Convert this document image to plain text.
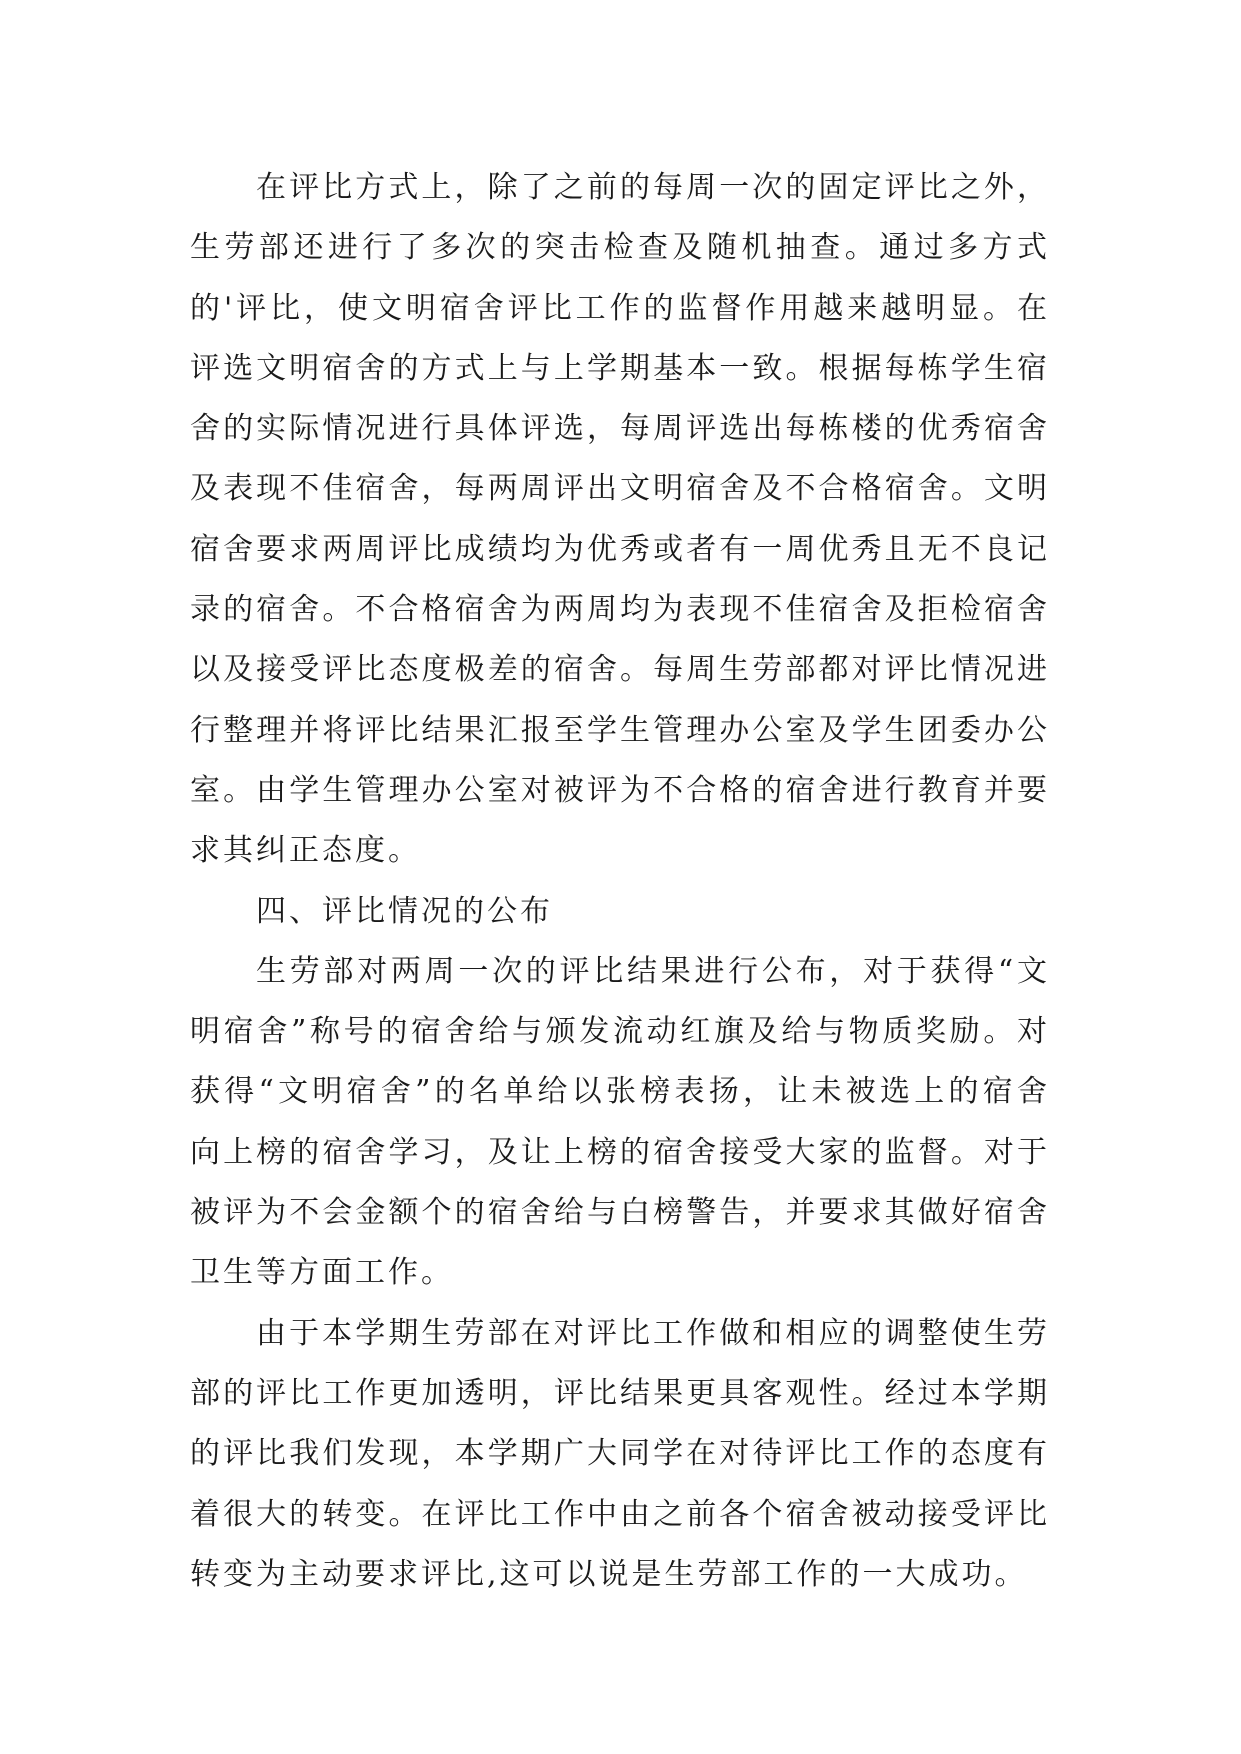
在评比方式上，除了之前的每周一次的固定评比之外，生劳部还进行了多次的突击检查及随机抽查。通过多方式的'评比，使文明宿舍评比工作的监督作用越来越明显。在评选文明宿舍的方式上与上学期基本一致。根据每栋学生宿舍的实际情况进行具体评选，每周评选出每栋楼的优秀宿舍及表现不佳宿舍，每两周评出文明宿舍及不合格宿舍。文明宿舍要求两周评比成绩均为优秀或者有一周优秀且无不良记录的宿舍。不合格宿舍为两周均为表现不佳宿舍及拒检宿舍以及接受评比态度极差的宿舍。每周生劳部都对评比情况进行整理并将评比结果汇报至学生管理办公室及学生团委办公室。由学生管理办公室对被评为不合格的宿舍进行教育并要求其纠正态度。

四、评比情况的公布

生劳部对两周一次的评比结果进行公布，对于获得“文明宿舍”称号的宿舍给与颁发流动红旗及给与物质奖励。对获得“文明宿舍”的名单给以张榜表扬，让未被选上的宿舍向上榜的宿舍学习，及让上榜的宿舍接受大家的监督。对于被评为不会金额个的宿舍给与白榜警告，并要求其做好宿舍卫生等方面工作。

由于本学期生劳部在对评比工作做和相应的调整使生劳部的评比工作更加透明，评比结果更具客观性。经过本学期的评比我们发现，本学期广大同学在对待评比工作的态度有着很大的转变。在评比工作中由之前各个宿舍被动接受评比转变为主动要求评比,这可以说是生劳部工作的一大成功。
